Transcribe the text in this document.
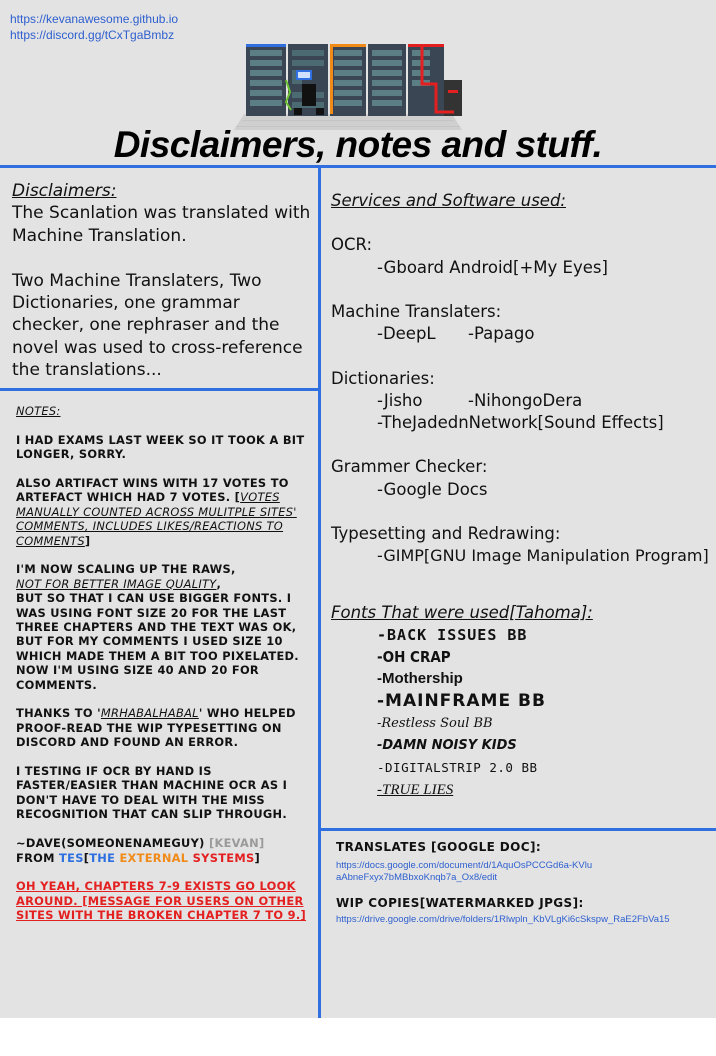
https://kevanawesome.github.io
https://discord.gg/tCxTgaBmbz
Disclaimers, notes and stuff.
Disclaimers:
The Scanlation was translated with Machine Translation.
Two Machine Translaters, Two Dictionaries, one grammar checker, one rephraser and the novel was used to cross-reference the translations...

NOTES:

I HAD EXAMS LAST WEEK SO IT TOOK A BIT LONGER, SORRY.

ALSO ARTIFACT WINS WITH 17 VOTES TO ARTEFACT WHICH HAD 7 VOTES. [VOTES MANUALLY COUNTED ACROSS MULITPLE SITES' COMMENTS, INCLUDES LIKES/REACTIONS TO COMMENTS]

I'M NOW SCALING UP THE RAWS,
NOT FOR BETTER IMAGE QUALITY,
BUT SO THAT I CAN USE BIGGER FONTS. I WAS USING FONT SIZE 20 FOR THE LAST THREE CHAPTERS AND THE TEXT WAS OK, BUT FOR MY COMMENTS I USED SIZE 10 WHICH MADE THEM A BIT TOO PIXELATED. NOW I'M USING SIZE 40 AND 20 FOR COMMENTS.

THANKS TO 'MRHABALHABAL' WHO HELPED PROOF-READ THE WIP TYPESETTING ON DISCORD AND FOUND AN ERROR.

I TESTING IF OCR BY HAND IS FASTER/EASIER THAN MACHINE OCR AS I DON'T HAVE TO DEAL WITH THE MISS RECOGNITION THAT CAN SLIP THROUGH.

~DAVE(SOMEONENAMEGUY) [KEVAN]
FROM TES[THE EXTERNAL SYSTEMS]

OH YEAH, CHAPTERS 7-9 EXISTS GO LOOK AROUND. [MESSAGE FOR USERS ON OTHER SITES WITH THE BROKEN CHAPTER 7 TO 9.]

Services and Software used:
OCR:
-Gboard Android[+My Eyes]
Machine Translaters:
-DeepL -Papago
Dictionaries:
-Jisho	-NihongoDera
-TheJadednNetwork[Sound Effects]
Grammer Checker:
-Google Docs
Typesetting and Redrawing:
-GIMP[GNU Image Manipulation Program]
Fonts That were used[Tahoma]:
-BACK ISSUES BB
-OH CRAP
-Mothership
-MAINFRAME BB
-Restless Soul BB
-DAMN NOISY KIDS
-DIGITALSTRIP 2.0 BB
-TRUE LIES
TRANSLATES [GOOGLE DOC]:
https://docs.google.com/document/d/1AquOsPCCGd6a-KVluaAbneFxyx7bMBbxoKnqb7a_Ox8/edit
WIP COPIES[WATERMARKED JPGS]:
https://drive.google.com/drive/folders/1Rlwpln_KbVLgKi6cSkspw_RaE2FbVa15
